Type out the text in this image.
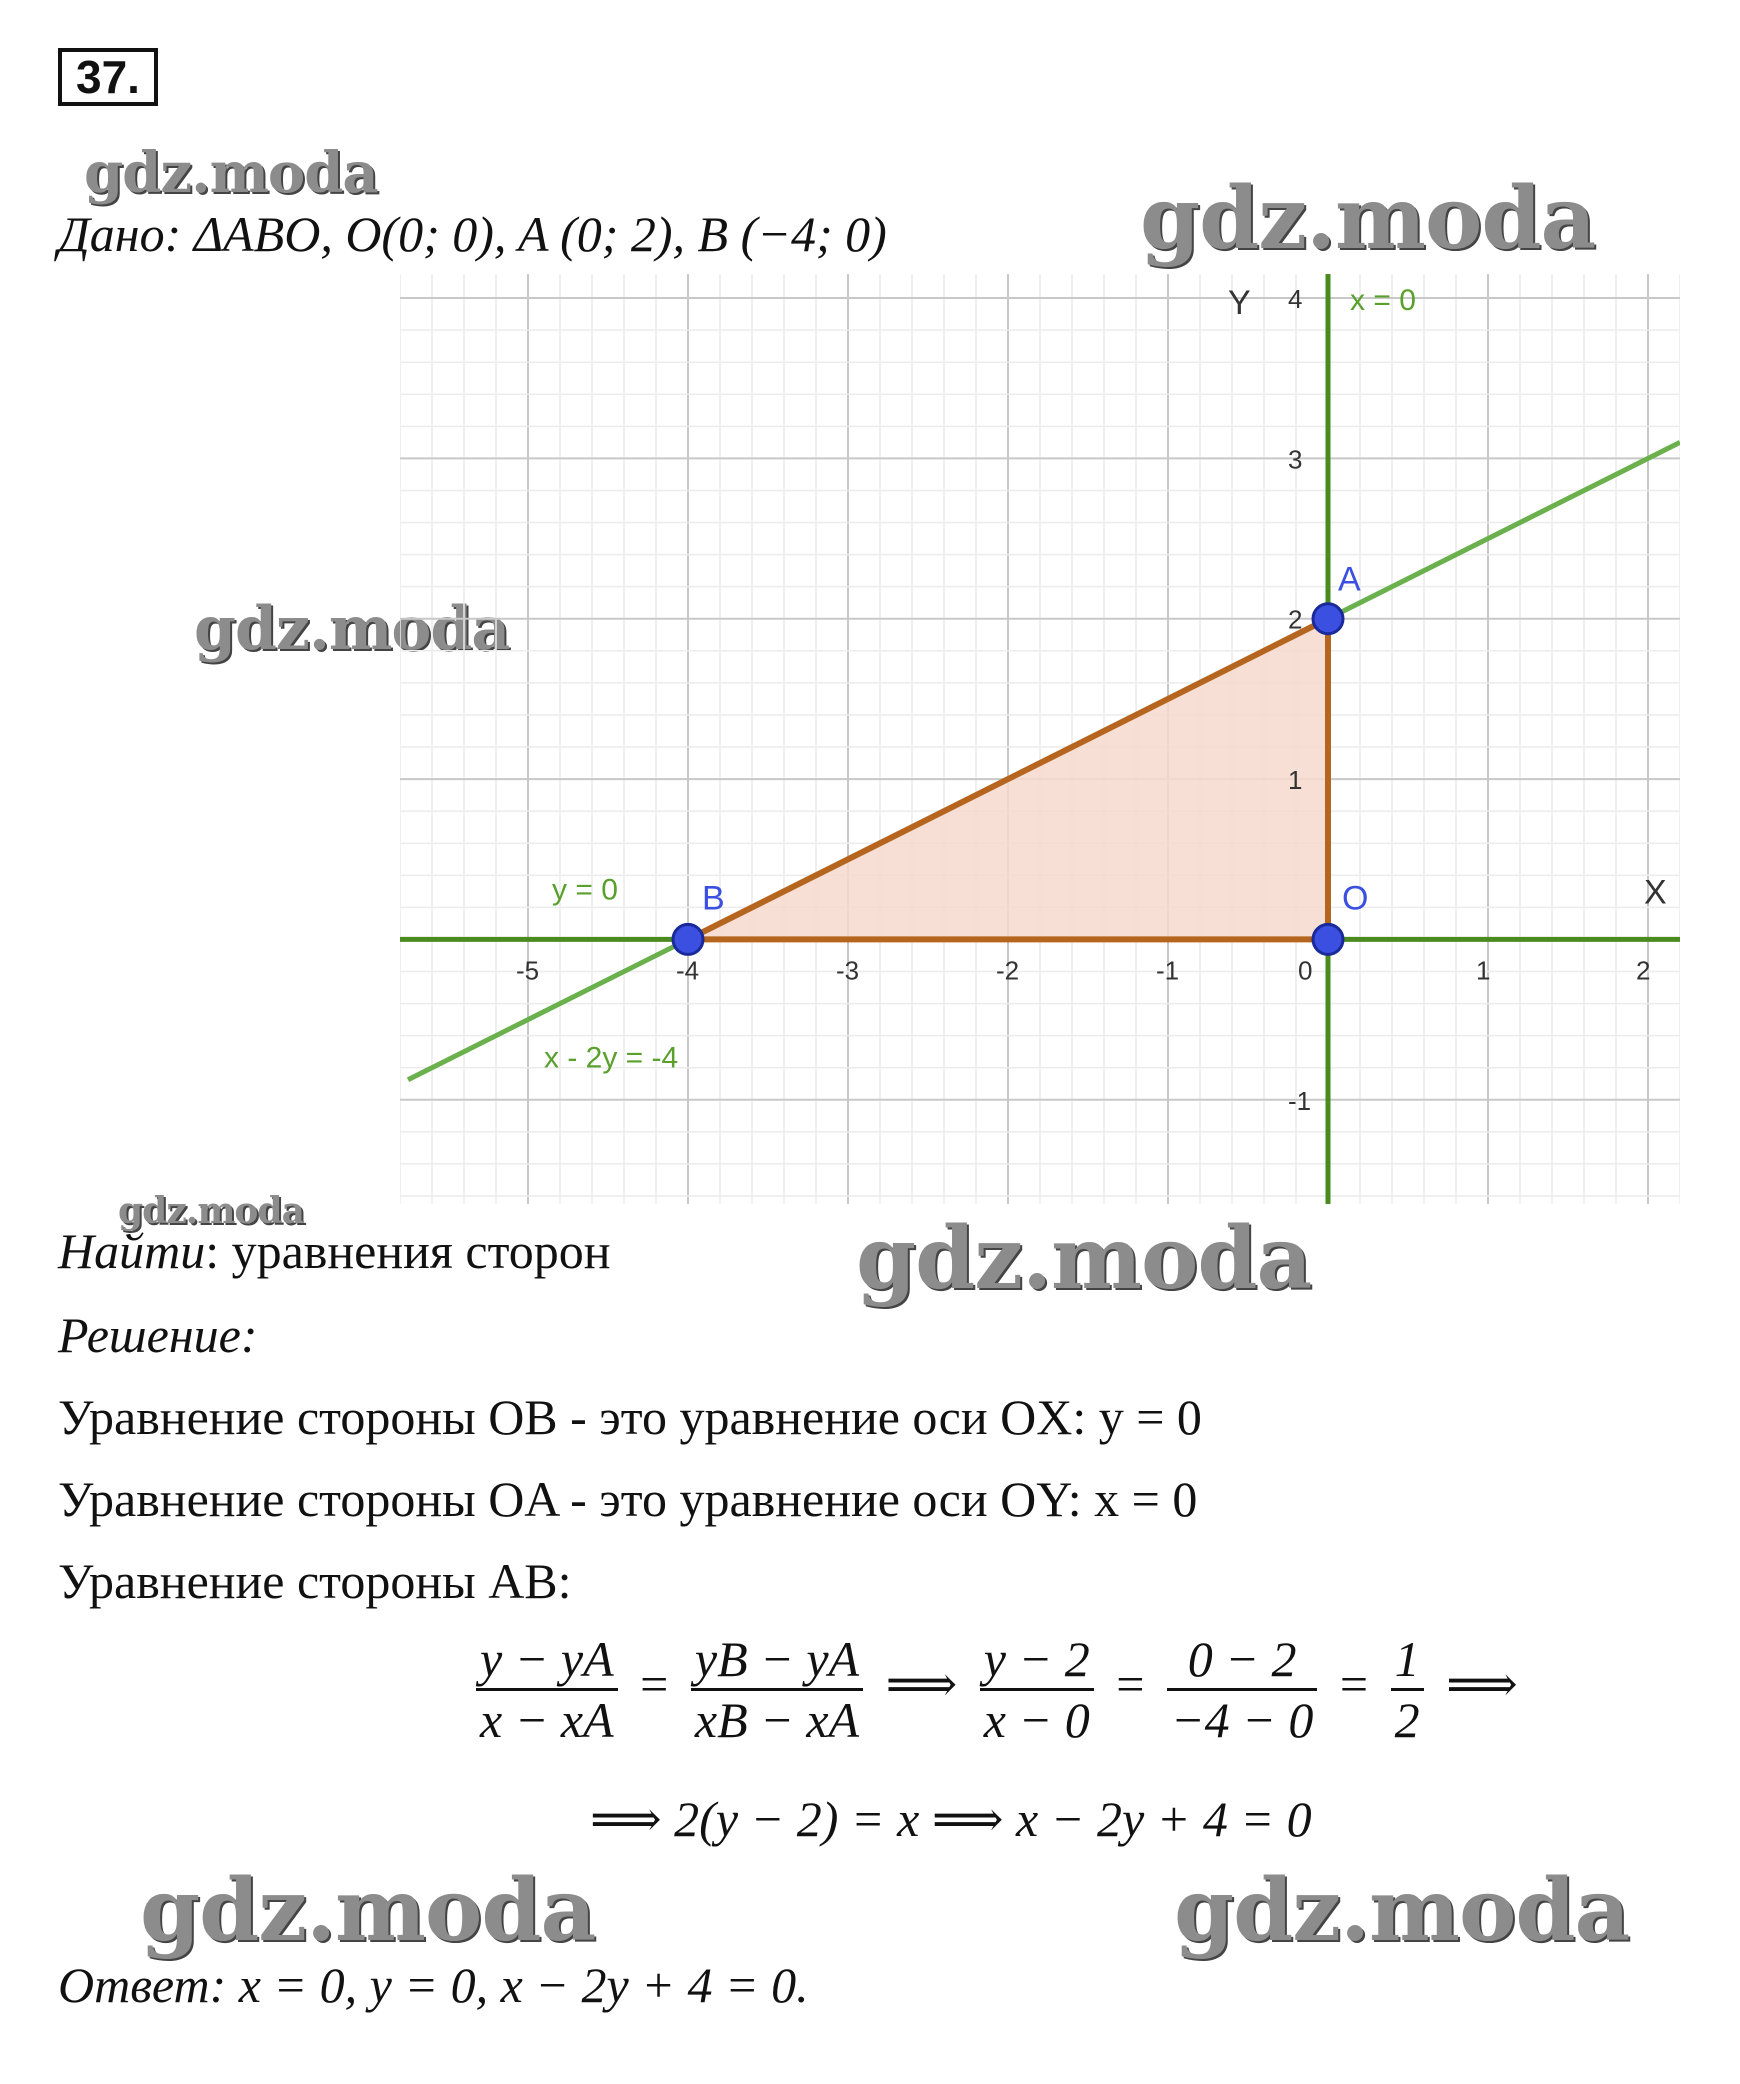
37.
gdz.moda	gdz.moda
gdz.moda
gdz.moda	gdz.moda
gdz.moda	gdz.moda
Дано: ΔABO, O(0; 0), A (0; 2), B (−4; 0)
-5	-4	-3	-2	-1	0	1	2
-1
1
2
3
4
X
Y	x = 0
y = 0
x - 2y = -4
A
B	O
Найти: уравнения сторон
Решение:
Уравнение стороны OB - это уравнение оси OX: y = 0
Уравнение стороны OA - это уравнение оси OY: x = 0
Уравнение стороны AB:
$\frac{y - yA}{x - xA} = \frac{yB - yA}{xB - xA}$ ⟹ $\frac{y - 2}{x - 0} = \frac{0 - 2}{-4 - 0} = \frac{1}{2}$ ⟹
⟹ 2(y − 2) = x ⟹ x − 2y + 4 = 0
Ответ: x = 0, y = 0, x − 2y + 4 = 0.
